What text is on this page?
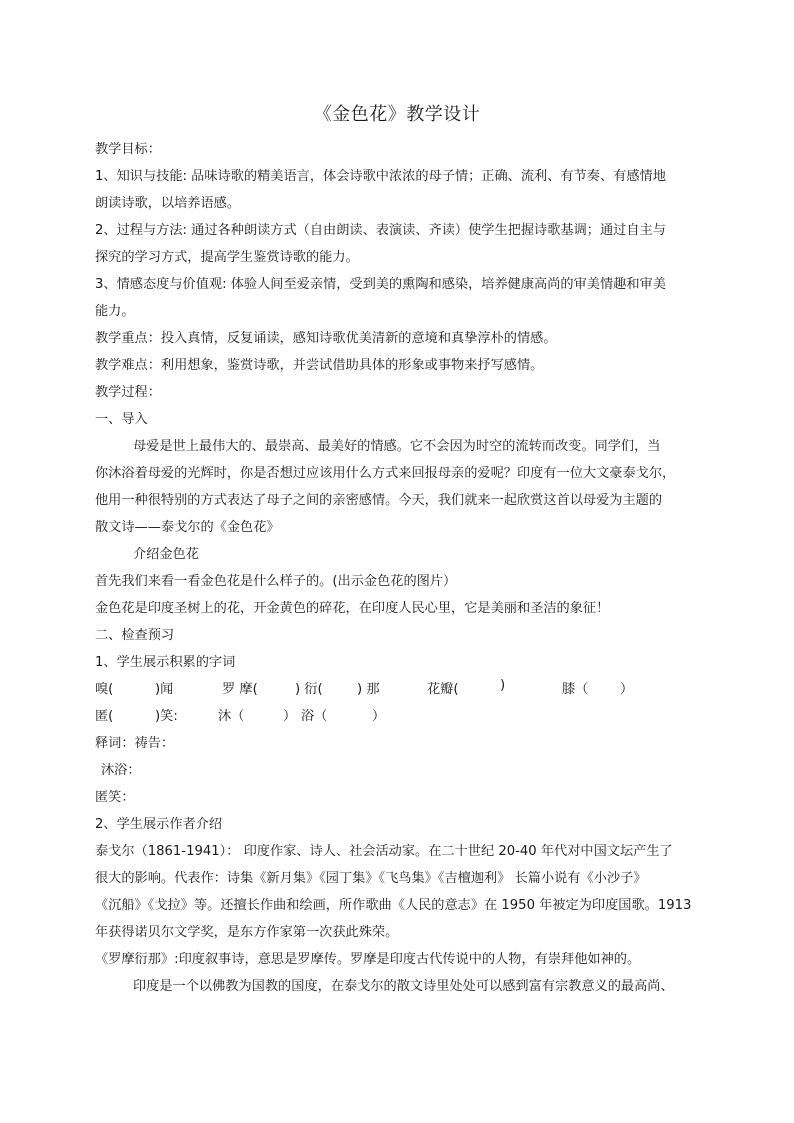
《金色花》教学设计
教学目标：
1、知识与技能: 品味诗歌的精美语言，体会诗歌中浓浓的母子情；正确、流利、有节奏、有感情地
朗读诗歌，以培养语感。
2、过程与方法: 通过各种朗读方式（自由朗读、表演读、齐读）使学生把握诗歌基调；通过自主与
探究的学习方式，提高学生鉴赏诗歌的能力。
3、情感态度与价值观: 体验人间至爱亲情，受到美的熏陶和感染，培养健康高尚的审美情趣和审美
能力。
教学重点：投入真情，反复诵读，感知诗歌优美清新的意境和真挚淳朴的情感。
教学难点：利用想象，鉴赏诗歌，并尝试借助具体的形象或事物来抒写感情。
教学过程：
一、导入
母爱是世上最伟大的、最崇高、最美好的情感。它不会因为时空的流转而改变。同学们，当
你沐浴着母爱的光辉时，你是否想过应该用什么方式来回报母亲的爱呢？印度有一位大文豪泰戈尔，
他用一种很特别的方式表达了母子之间的亲密感情。今天，我们就来一起欣赏这首以母爱为主题的
散文诗——泰戈尔的《金色花》
介绍金色花
首先我们来看一看金色花是什么样子的。(出示金色花的图片）
金色花是印度圣树上的花，开金黄色的碎花，在印度人民心里，它是美丽和圣洁的象征！
二、检查预习
1、学生展示积累的字词
嗅(	)闻	罗 摩(	) 衍(	) 那	花瓣(	)	膝（ ）
匿(	)笑:	沐（	） 浴（	）
释词：祷告：
沐浴：
匿笑：
2、学生展示作者介绍
泰戈尔（1861-1941）： 印度作家、诗人、社会活动家。在二十世纪 20-40 年代对中国文坛产生了
很大的影响。代表作：诗集《新月集》《园丁集》《飞鸟集》《吉檀迦利》 长篇小说有《小沙子》
《沉船》《戈拉》等。还擅长作曲和绘画，所作歌曲《人民的意志》在 1950 年被定为印度国歌。1913
年获得诺贝尔文学奖，是东方作家第一次获此殊荣。
《罗摩衍那》:印度叙事诗，意思是罗摩传。罗摩是印度古代传说中的人物，有崇拜他如神的。
印度是一个以佛教为国教的国度，在泰戈尔的散文诗里处处可以感到富有宗教意义的最高尚、
